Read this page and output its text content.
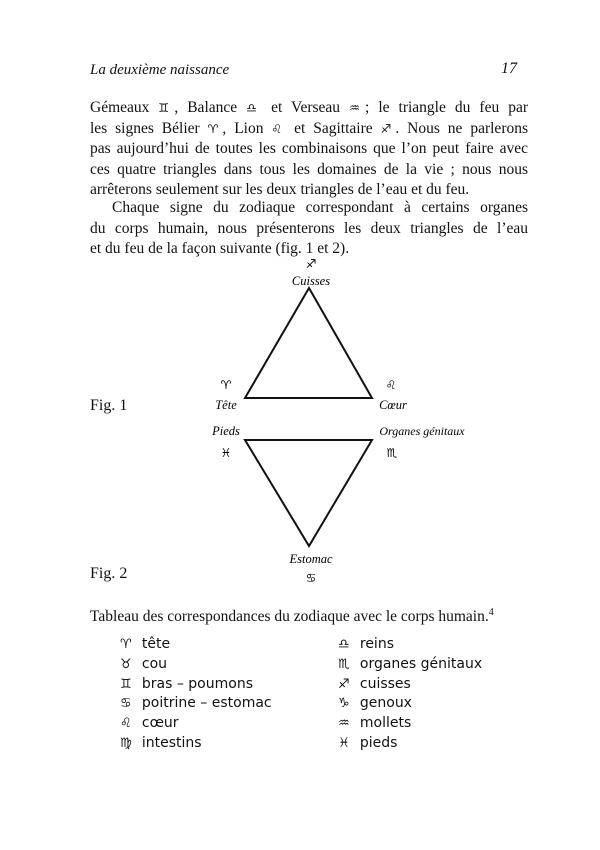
La deuxième naissance	17
Gémeaux ♊, Balance ♎ et Verseau ♒; le triangle du feu par
les signes Bélier ♈, Lion ♌ et Sagittaire ♐. Nous ne parlerons
pas aujourd’hui de toutes les combinaisons que l’on peut faire avec
ces quatre triangles dans tous les domaines de la vie ; nous nous
arrêterons seulement sur les deux triangles de l’eau et du feu.
Chaque signe du zodiaque correspondant à certains organes
du corps humain, nous présenterons les deux triangles de l’eau
et du feu de la façon suivante (fig. 1 et 2).
♐
Cuisses
♈
Tête
♌
Cœur
Pieds
♓
Organes génitaux
♏
Estomac
♋
Fig. 1
Fig. 2
Tableau des correspondances du zodiaque avec le corps humain.$^4$
♈ tête
♉ cou
♊ bras – poumons
♋ poitrine – estomac
♌ cœur
♍ intestins
♎ reins
♏ organes génitaux
♐ cuisses
♑ genoux
♒ mollets
♓ pieds
